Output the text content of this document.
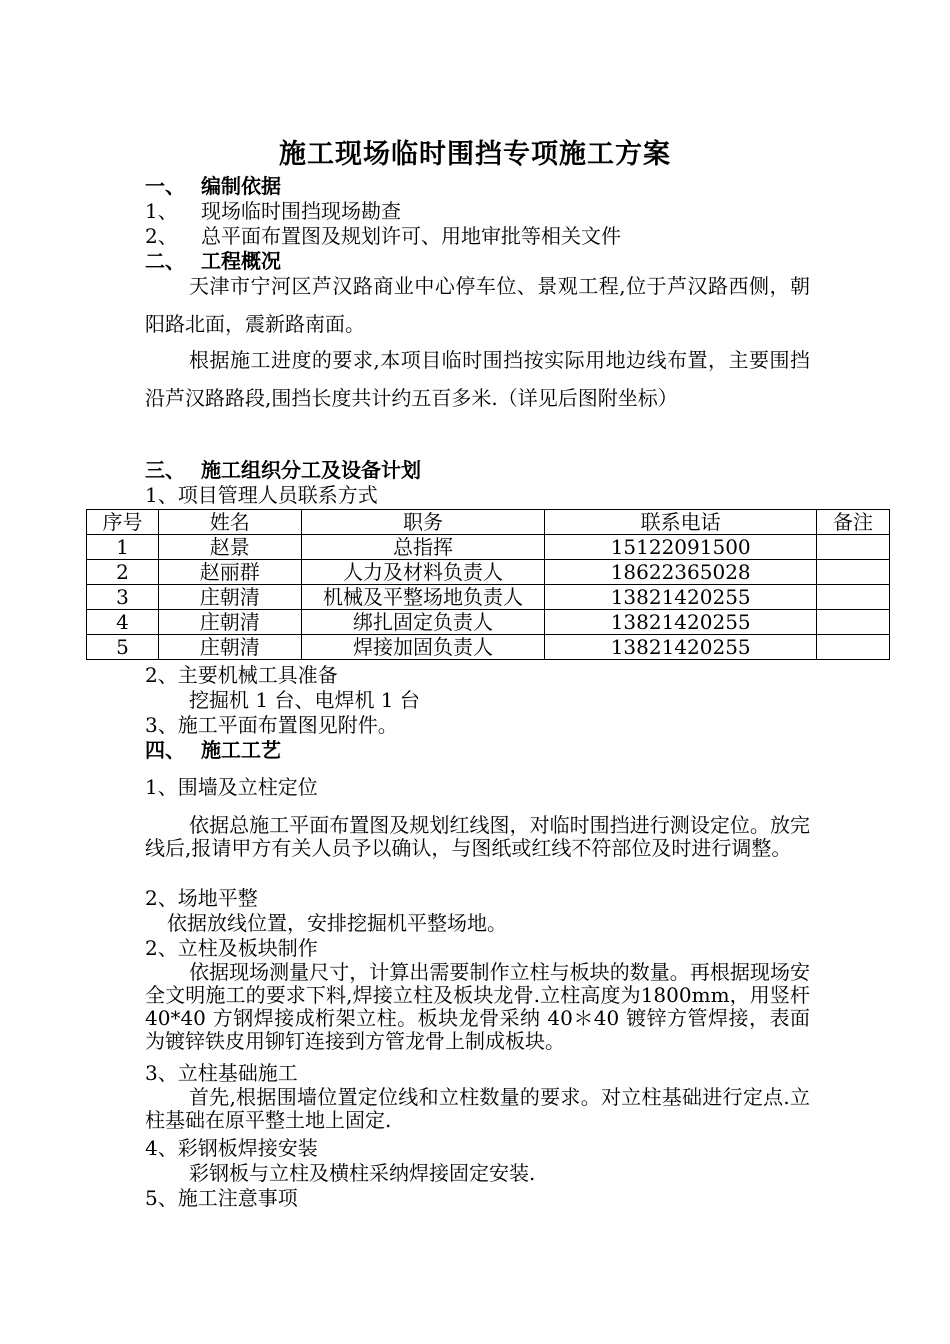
施工现场临时围挡专项施工方案
一、 编制依据
1、 现场临时围挡现场勘查
2、 总平面布置图及规划许可、用地审批等相关文件
二、 工程概况
天津市宁河区芦汉路商业中心停车位、景观工程,位于芦汉路西侧，朝阳路北面，震新路南面。
根据施工进度的要求,本项目临时围挡按实际用地边线布置，主要围挡沿芦汉路路段,围挡长度共计约五百多米.（详见后图附坐标）
三、 施工组织分工及设备计划
1、项目管理人员联系方式
序号	姓名	职务	联系电话	备注
1	赵景	总指挥	15122091500	
2	赵丽群	人力及材料负责人	18622365028	
3	庄朝清	机械及平整场地负责人	13821420255	
4	庄朝清	绑扎固定负责人	13821420255	
5	庄朝清	焊接加固负责人	13821420255	
2、主要机械工具准备
挖掘机 1 台、电焊机 1 台
3、施工平面布置图见附件。
四、 施工工艺
1、围墙及立柱定位
依据总施工平面布置图及规划红线图，对临时围挡进行测设定位。放完线后,报请甲方有关人员予以确认，与图纸或红线不符部位及时进行调整。
2、场地平整
依据放线位置，安排挖掘机平整场地。
2、立柱及板块制作
依据现场测量尺寸，计算出需要制作立柱与板块的数量。再根据现场安全文明施工的要求下料,焊接立柱及板块龙骨.立柱高度为1800mm，用竖杆 40*40 方钢焊接成桁架立柱。板块龙骨采纳 40＊40 镀锌方管焊接，表面为镀锌铁皮用铆钉连接到方管龙骨上制成板块。
3、立柱基础施工
首先,根据围墙位置定位线和立柱数量的要求。对立柱基础进行定点.立柱基础在原平整土地上固定.
4、彩钢板焊接安装
彩钢板与立柱及横柱采纳焊接固定安装.
5、施工注意事项
